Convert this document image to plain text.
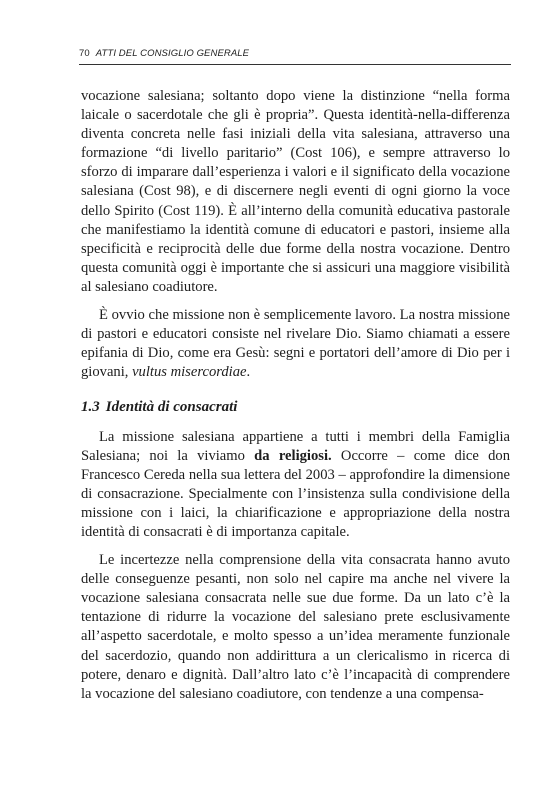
70 ATTI DEL CONSIGLIO GENERALE

vocazione salesiana; soltanto dopo viene la distinzione “nella forma laicale o sacerdotale che gli è propria”. Questa identità-nella-differenza diventa concreta nelle fasi iniziali della vita salesiana, attraverso una formazione “di livello paritario” (Cost 106), e sempre attraverso lo sforzo di imparare dall’esperienza i valori e il significato della vocazione salesiana (Cost 98), e di discernere negli eventi di ogni giorno la voce dello Spirito (Cost 119). È all’interno della comunità educativa pastorale che manifestiamo la identità comune di educatori e pastori, insieme alla specificità e reciprocità delle due forme della nostra vocazione. Dentro questa comunità oggi è importante che si assicuri una maggiore visibilità al salesiano coadiutore.

È ovvio che missione non è semplicemente lavoro. La nostra missione di pastori e educatori consiste nel rivelare Dio. Siamo chiamati a essere epifania di Dio, come era Gesù: segni e portatori dell’amore di Dio per i giovani, vultus misercordiae.

1.3 Identità di consacrati

La missione salesiana appartiene a tutti i membri della Famiglia Salesiana; noi la viviamo da religiosi. Occorre – come dice don Francesco Cereda nella sua lettera del 2003 – approfondire la dimensione di consacrazione. Specialmente con l’insistenza sulla condivisione della missione con i laici, la chiarificazione e appropriazione della nostra identità di consacrati è di importanza capitale.

Le incertezze nella comprensione della vita consacrata hanno avuto delle conseguenze pesanti, non solo nel capire ma anche nel vivere la vocazione salesiana consacrata nelle sue due forme. Da un lato c’è la tentazione di ridurre la vocazione del salesiano prete esclusivamente all’aspetto sacerdotale, e molto spesso a un’idea meramente funzionale del sacerdozio, quando non addirittura a un clericalismo in ricerca di potere, denaro e dignità. Dall’altro lato c’è l’incapacità di comprendere la vocazione del salesiano coadiutore, con tendenze a una compensa-
